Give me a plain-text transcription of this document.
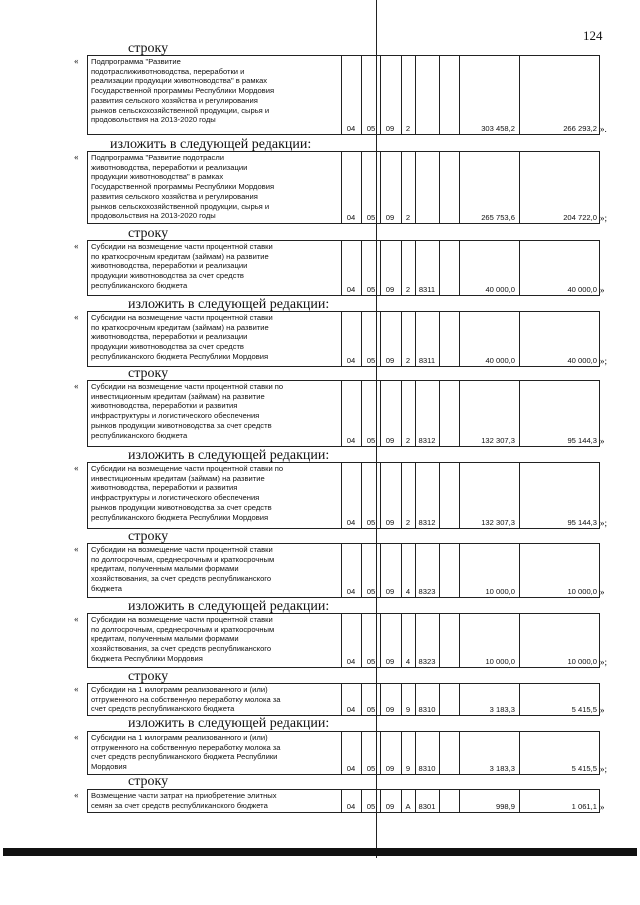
124
строку
изложить в следующей редакции:
строку
изложить в следующей редакции:
строку
изложить в следующей редакции:
строку
изложить в следующей редакции:
строку
изложить в следующей редакции:
строку
« Подпрограмма "Развитие
подотраслиживотноводства, переработки и
реализации продукции животноводства" в рамках
Государственной программы Республики Мордовия
развития сельского хозяйства и регулирования
рынков сельскохозяйственной продукции, сырья и
продовольствия на 2013-2020 годы
04	05	09	2	303 458,2	266 293,2 ».
« Подпрограмма "Развитие подотрасли
животноводства, переработки и реализации
продукции животноводства" в рамках
Государственной программы Республики Мордовия
развития сельского хозяйства и регулирования
рынков сельскохозяйственной продукции, сырья и
продовольствия на 2013-2020 годы	04	05	09	2	265 753,6	204 722,0 »;
« Субсидии на возмещение части процентной ставки
по краткосрочным кредитам (займам) на развитие
животноводства, переработки и реализации
продукции животноводства за счет средств
республиканского бюджета	04	05	09	2	8311	40 000,0	40 000,0 »
« Субсидии на возмещение части процентной ставки
по краткосрочным кредитам (займам) на развитие
животноводства, переработки и реализации
продукции животноводства за счет средств
республиканского бюджета Республики Мордовия	04	05	09	2	8311	40 000,0	40 000,0 »;
« Субсидии на возмещение части процентной ставки по
инвестиционным кредитам (займам) на развитие
животноводства, переработки и развития
инфраструктуры и логистического обеспечения
рынков продукции животноводства за счет средств
республиканского бюджета
04	05	09	2	8312	132 307,3	95 144,3 »
« Субсидии на возмещение части процентной ставки по
инвестиционным кредитам (займам) на развитие
животноводства, переработки и развития
инфраструктуры и логистического обеспечения
рынков продукции животноводства за счет средств
республиканского бюджета Республики Мордовия
04	05	09	2	8312	132 307,3	95 144,3 »;
« Субсидии на возмещение части процентной ставки
по долгосрочным, среднесрочным и краткосрочным
кредитам, полученным малыми формами
хозяйствования, за счет средств республиканского
бюджета	04	05	09	4	8323	10 000,0	10 000,0 »
« Субсидии на возмещение части процентной ставки
по долгосрочным, среднесрочным и краткосрочным
кредитам, полученным малыми формами
хозяйствования, за счет средств республиканского
бюджета Республики Мордовия	04	05	09	4	8323	10 000,0	10 000,0 »;
« Субсидии на 1 килограмм реализованного и (или)
отгруженного на собственную переработку молока за
счет средств республиканского бюджета	04	05	09	9	8310	3 183,3	5 415,5 »
« Субсидии на 1 килограмм реализованного и (или)
отгруженного на собственную переработку молока за
счет средств республиканского бюджета Республики
Мордовия	04	05	09	9	8310	3 183,3	5 415,5 »;
« Возмещение части затрат на приобретение элитных
семян за счет средств республиканского бюджета	04	05	09	А	8301	998,9	1 061,1 »
